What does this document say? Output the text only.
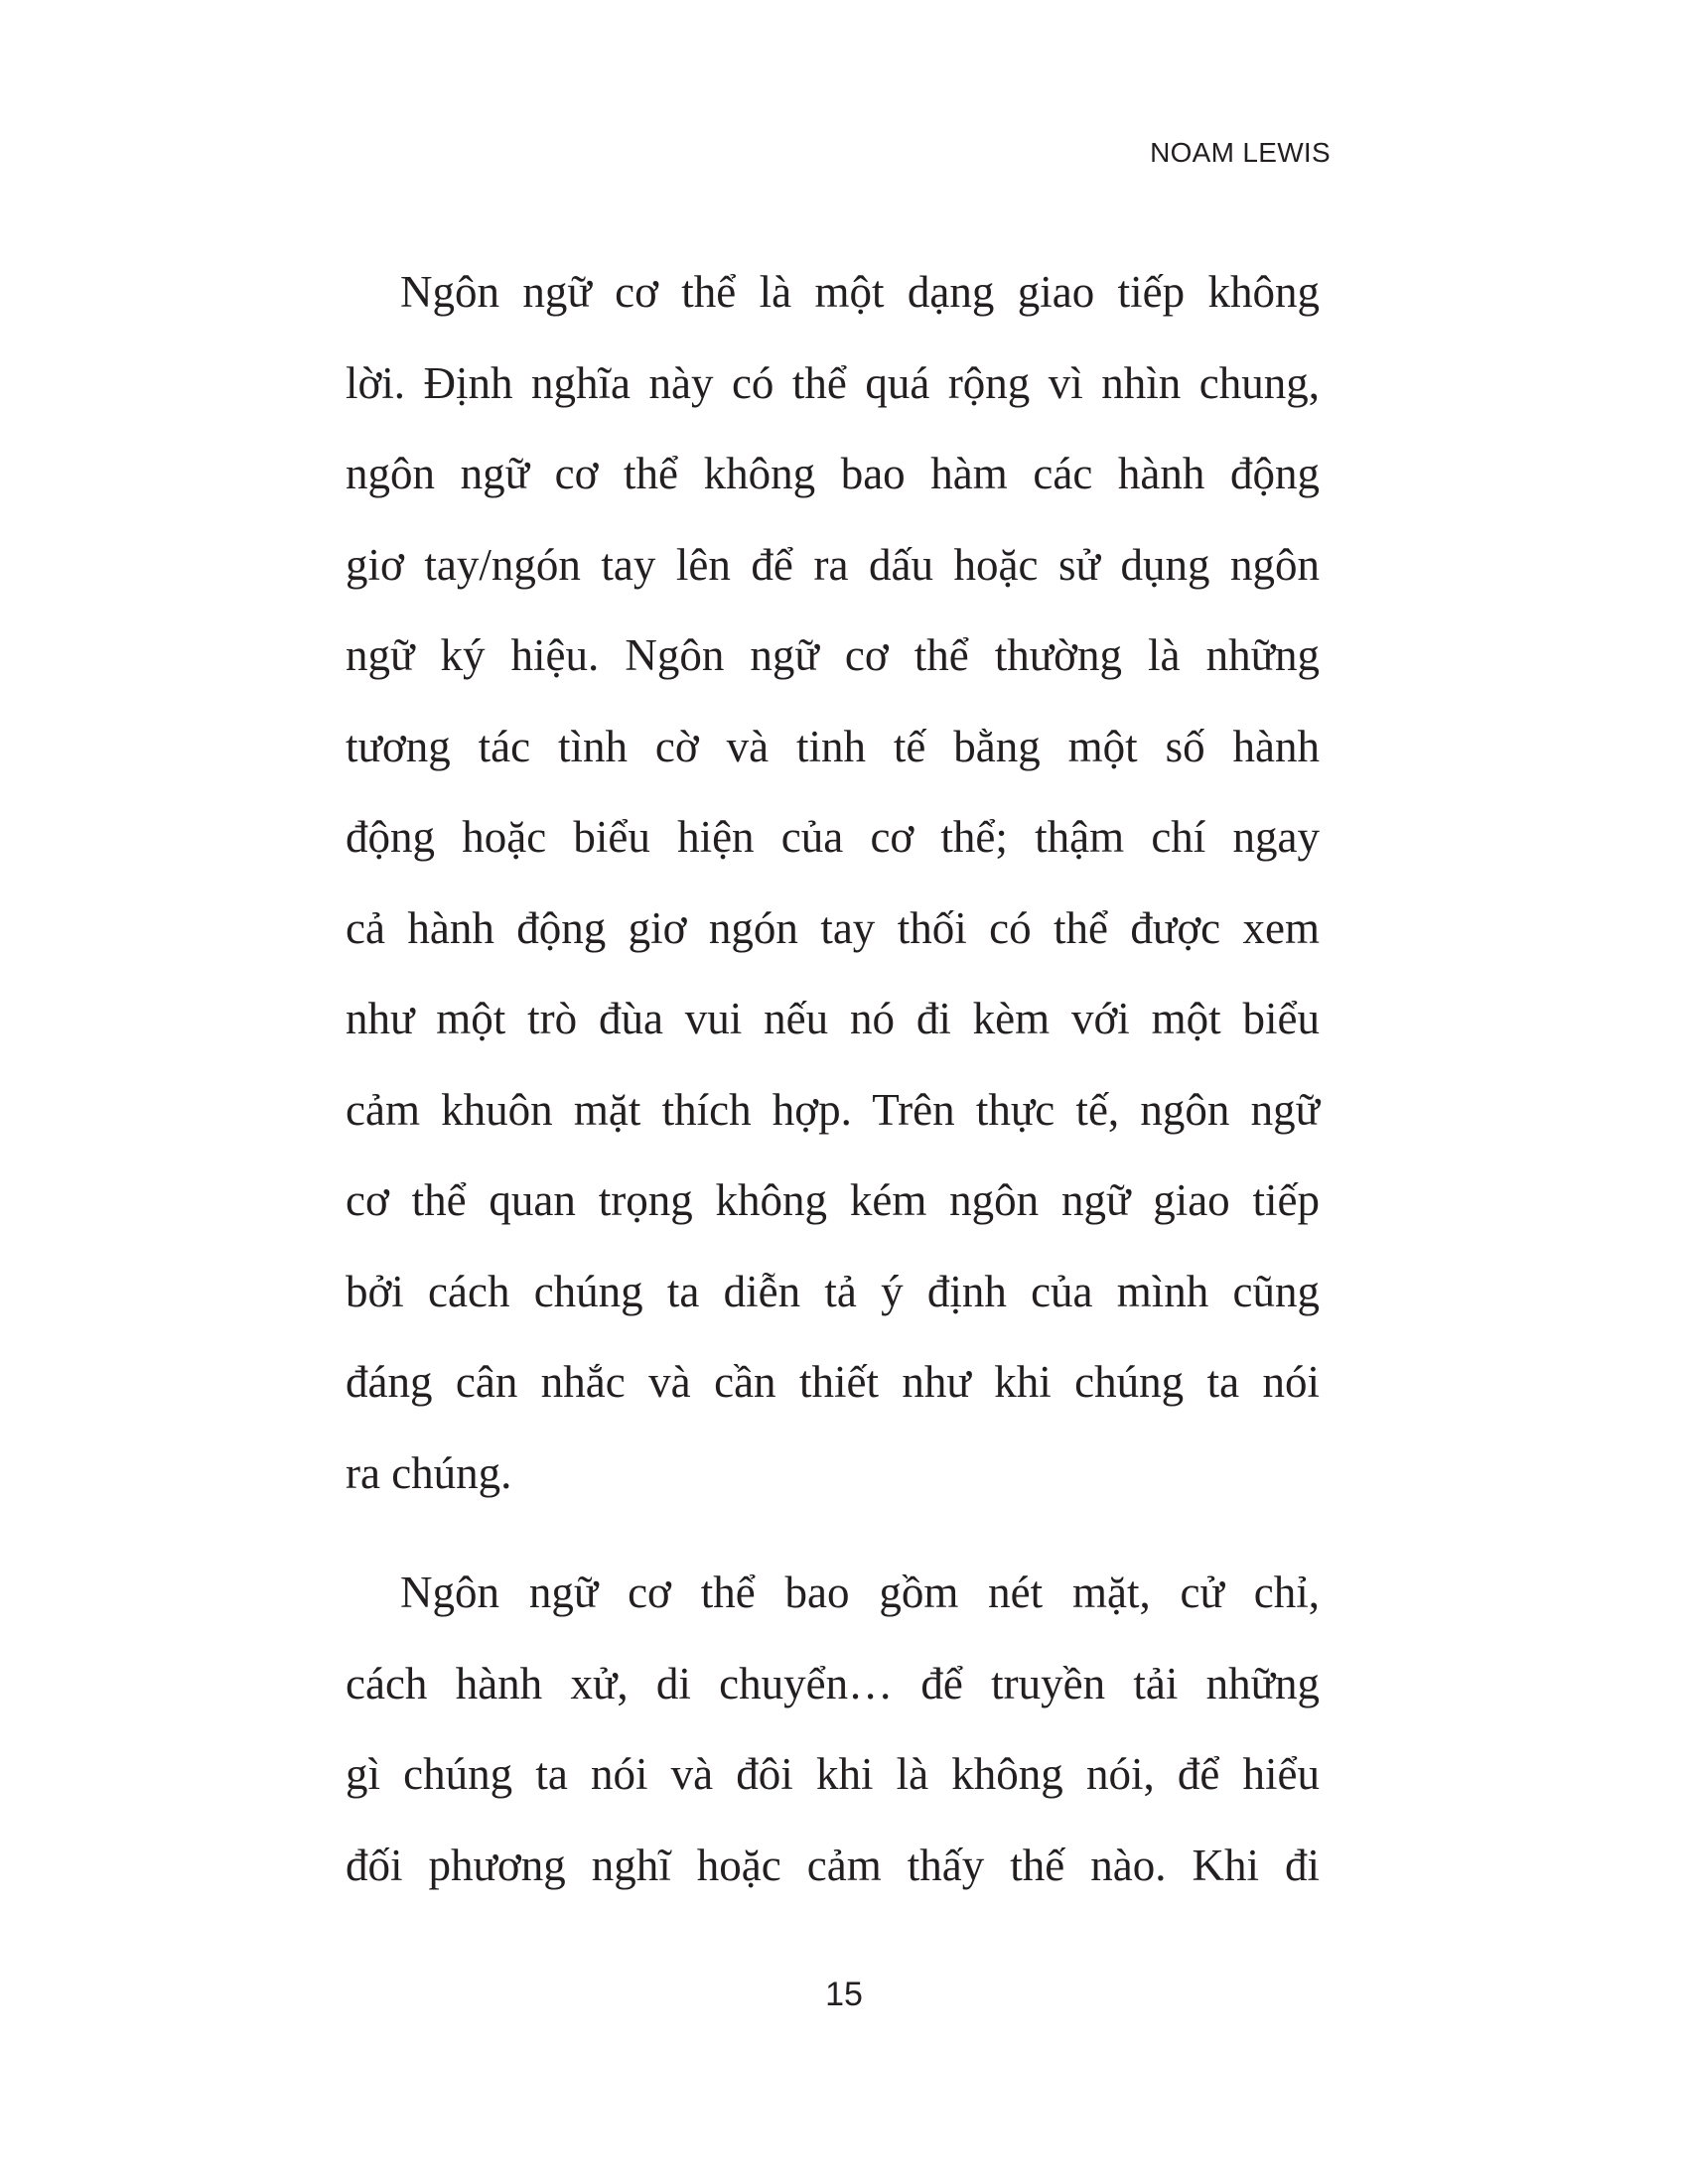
NOAM LEWIS
Ngôn ngữ cơ thể là một dạng giao tiếp không
lời. Định nghĩa này có thể quá rộng vì nhìn chung,
ngôn ngữ cơ thể không bao hàm các hành động
giơ tay/ngón tay lên để ra dấu hoặc sử dụng ngôn
ngữ ký hiệu. Ngôn ngữ cơ thể thường là những
tương tác tình cờ và tinh tế bằng một số hành
động hoặc biểu hiện của cơ thể; thậm chí ngay
cả hành động giơ ngón tay thối có thể được xem
như một trò đùa vui nếu nó đi kèm với một biểu
cảm khuôn mặt thích hợp. Trên thực tế, ngôn ngữ
cơ thể quan trọng không kém ngôn ngữ giao tiếp
bởi cách chúng ta diễn tả ý định của mình cũng
đáng cân nhắc và cần thiết như khi chúng ta nói
ra chúng.
Ngôn ngữ cơ thể bao gồm nét mặt, cử chỉ,
cách hành xử, di chuyển… để truyền tải những
gì chúng ta nói và đôi khi là không nói, để hiểu
đối phương nghĩ hoặc cảm thấy thế nào. Khi đi
15
